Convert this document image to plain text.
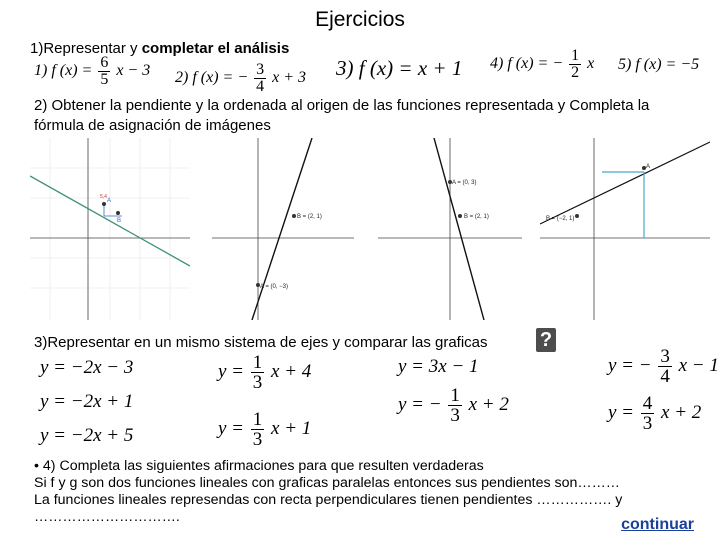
Ejercicios
1)Representar y completar el análisis
1) f $(x) = \frac{6}{5}$ x − 3 2) f (x) = − $\frac{3}{4}$ x + 3 3) f (x) = x + 1 4) f (x) = − $\frac{1}{2}$ x 5) f (x) = −5
2) Obtener la pendiente y la ordenada al origen de las funciones representada y Completa la
fórmula de asignación de imágenes
A
B
5,4
B = (2, 1)
A = (0, −3)
A = (0, 3)
B = (2, 1)	B = (−2, 1)
A
3)Representar en un mismo sistema de ejes y comparar las graficas	?
y = −2x − 3
y = −2x + 1
y = −2x + 5
$y = \frac{1}{3}$ x + 4
$y = \frac{1}{3}$ x + 1
y = 3x − 1
y = − $\frac{1}{3}$ x + 2
y = − $\frac{3}{4}$ x − 1
$y = \frac{4}{3}$ x + 2
• 4) Completa las siguientes afirmaciones para que resulten verdaderas
Si f y g son dos funciones lineales con graficas paralelas entonces sus pendientes son………
La funciones lineales represendas con recta perpendiculares tienen pendientes ……………. y
………………………….	continuar
